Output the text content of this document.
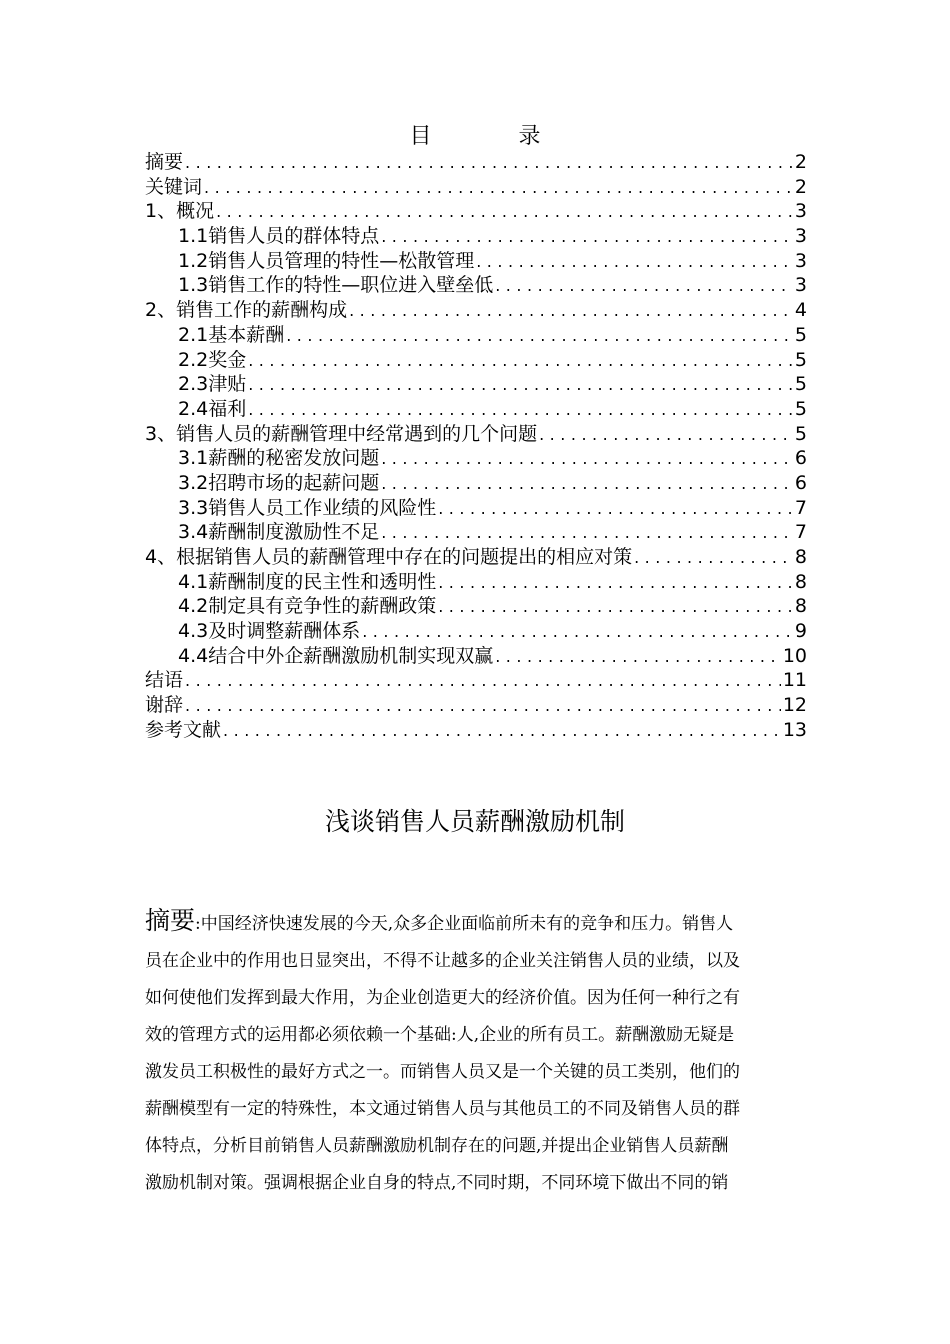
目 录
摘要 .....	2
关键词 .....	2
1、概况 .....	3
1.1销售人员的群体特点 .....	3
1.2销售人员管理的特性—松散管理 .....	3
1.3销售工作的特性—职位进入壁垒低 .....	3
2、销售工作的薪酬构成 .....	4
2.1基本薪酬 .....	5
2.2奖金 .....	5
2.3津贴 .....	5
2.4福利 .....	5
3、销售人员的薪酬管理中经常遇到的几个问题 .....	5
3.1薪酬的秘密发放问题 .....	6
3.2招聘市场的起薪问题 .....	6
3.3销售人员工作业绩的风险性 .....	7
3.4薪酬制度激励性不足 .....	7
4、根据销售人员的薪酬管理中存在的问题提出的相应对策 .....	8
4.1薪酬制度的民主性和透明性 .....	8
4.2制定具有竞争性的薪酬政策 .....	8
4.3及时调整薪酬体系 .....	9
4.4结合中外企薪酬激励机制实现双赢 .....	10
结语 .....	11
谢辞 .....	12
参考文献 .....	13
浅谈销售人员薪酬激励机制
摘要:中国经济快速发展的今天,众多企业面临前所未有的竞争和压力。销售人
员在企业中的作用也日显突出，不得不让越多的企业关注销售人员的业绩，以及
如何使他们发挥到最大作用，为企业创造更大的经济价值。因为任何一种行之有
效的管理方式的运用都必须依赖一个基础:人,企业的所有员工。薪酬激励无疑是
激发员工积极性的最好方式之一。而销售人员又是一个关键的员工类别，他们的
薪酬模型有一定的特殊性，本文通过销售人员与其他员工的不同及销售人员的群
体特点，分析目前销售人员薪酬激励机制存在的问题,并提出企业销售人员薪酬
激励机制对策。强调根据企业自身的特点,不同时期，不同环境下做出不同的销
